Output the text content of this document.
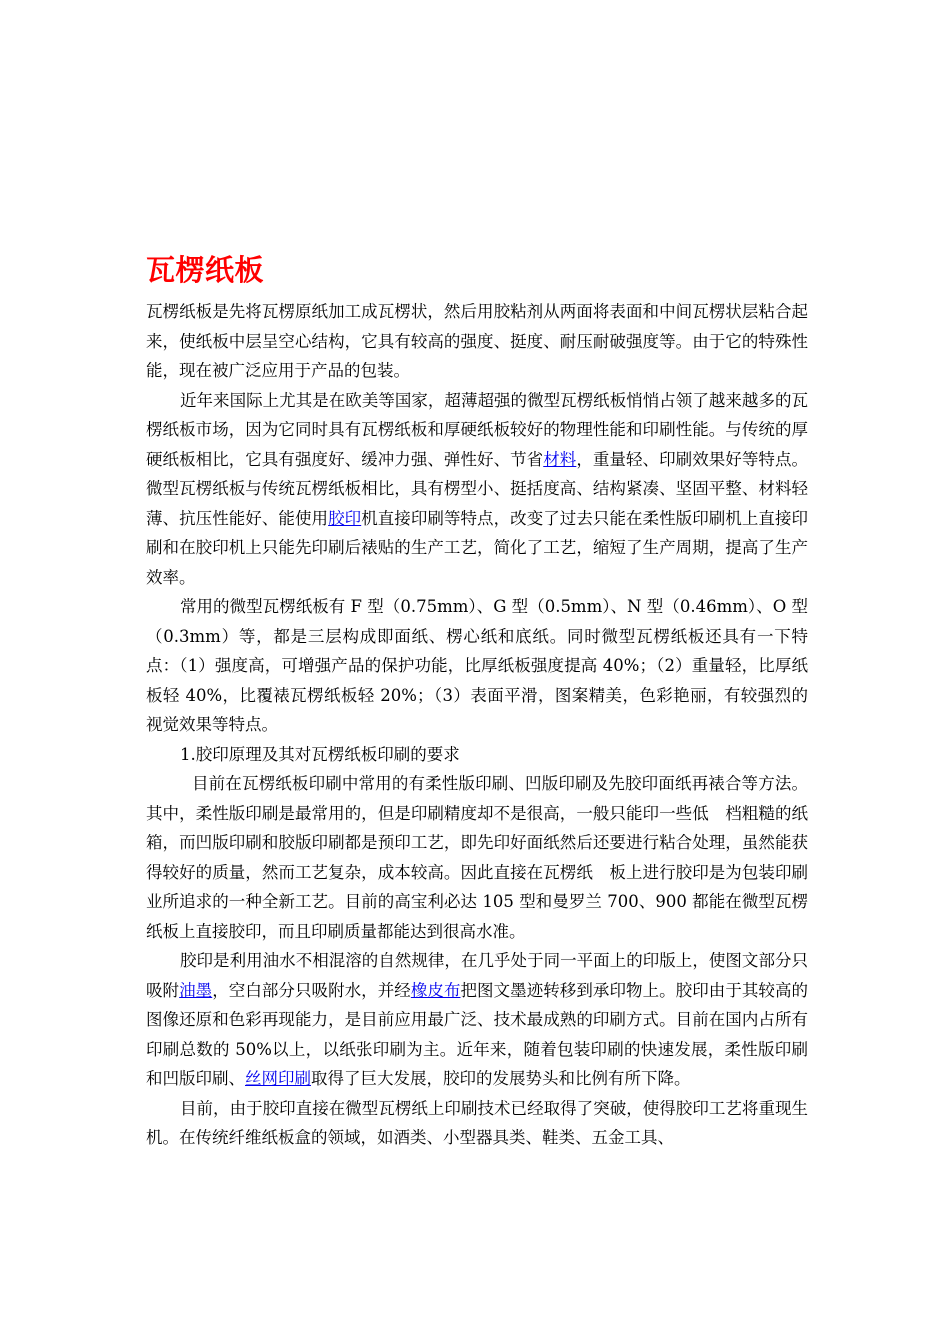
瓦楞纸板

瓦楞纸板是先将瓦楞原纸加工成瓦楞状，然后用胶粘剂从两面将表面和中间瓦楞状层粘合起来，使纸板中层呈空心结构，它具有较高的强度、挺度、耐压耐破强度等。由于它的特殊性能，现在被广泛应用于产品的包装。

近年来国际上尤其是在欧美等国家，超薄超强的微型瓦楞纸板悄悄占领了越来越多的瓦楞纸板市场，因为它同时具有瓦楞纸板和厚硬纸板较好的物理性能和印刷性能。与传统的厚硬纸板相比，它具有强度好、缓冲力强、弹性好、节省材料，重量轻、印刷效果好等特点。微型瓦楞纸板与传统瓦楞纸板相比，具有楞型小、挺括度高、结构紧凑、坚固平整、材料轻薄、抗压性能好、能使用胶印机直接印刷等特点，改变了过去只能在柔性版印刷机上直接印刷和在胶印机上只能先印刷后裱贴的生产工艺，简化了工艺，缩短了生产周期，提高了生产效率。

常用的微型瓦楞纸板有 F 型（0.75mm）、G 型（0.5mm）、N 型（0.46mm）、O 型（0.3mm）等，都是三层构成即面纸、楞心纸和底纸。同时微型瓦楞纸板还具有一下特点：（1）强度高，可增强产品的保护功能，比厚纸板强度提高 40%；（2）重量轻，比厚纸板轻 40%，比覆裱瓦楞纸板轻 20%；（3）表面平滑，图案精美，色彩艳丽，有较强烈的视觉效果等特点。

1.胶印原理及其对瓦楞纸板印刷的要求

目前在瓦楞纸板印刷中常用的有柔性版印刷、凹版印刷及先胶印面纸再裱合等方法。其中，柔性版印刷是最常用的，但是印刷精度却不是很高，一般只能印一些低　档粗糙的纸箱，而凹版印刷和胶版印刷都是预印工艺，即先印好面纸然后还要进行粘合处理，虽然能获得较好的质量，然而工艺复杂，成本较高。因此直接在瓦楞纸　板上进行胶印是为包装印刷业所追求的一种全新工艺。目前的高宝利必达 105 型和曼罗兰 700、900 都能在微型瓦楞纸板上直接胶印，而且印刷质量都能达到很高水准。

胶印是利用油水不相混溶的自然规律，在几乎处于同一平面上的印版上，使图文部分只吸附油墨，空白部分只吸附水，并经橡皮布把图文墨迹转移到承印物上。胶印由于其较高的图像还原和色彩再现能力，是目前应用最广泛、技术最成熟的印刷方式。目前在国内占所有印刷总数的 50%以上，以纸张印刷为主。近年来，随着包装印刷的快速发展，柔性版印刷和凹版印刷、丝网印刷取得了巨大发展，胶印的发展势头和比例有所下降。

目前，由于胶印直接在微型瓦楞纸上印刷技术已经取得了突破，使得胶印工艺将重现生机。在传统纤维纸板盒的领域，如酒类、小型器具类、鞋类、五金工具、
